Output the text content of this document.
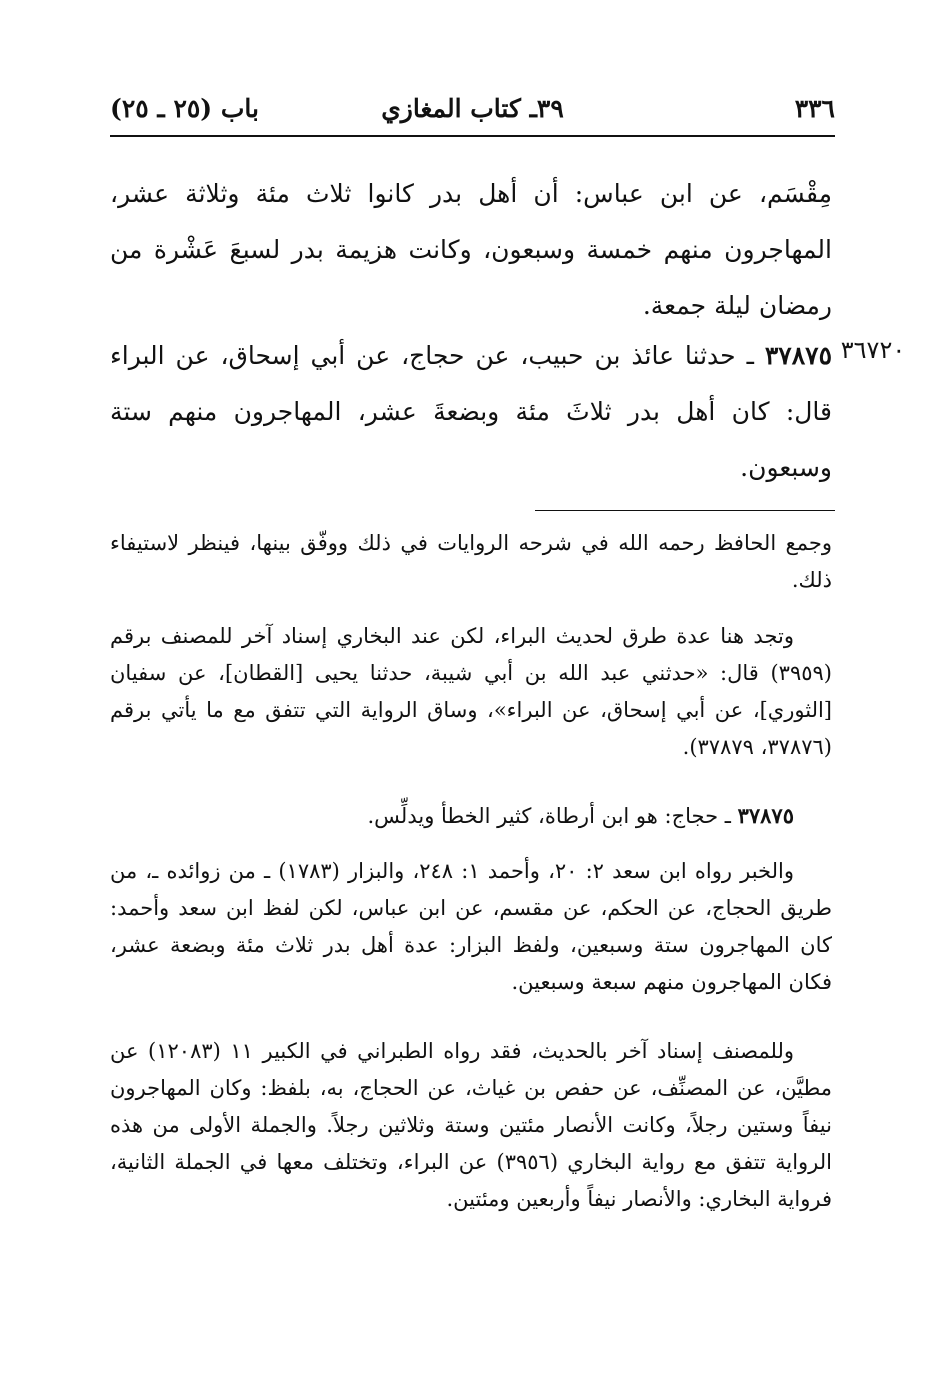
٣٣٦
٣٩ـ كتاب المغازي
باب (٢٥ ـ ٢٥)

مِقْسَم، عن ابن عباس: أن أهل بدر كانوا ثلاث مئة وثلاثة عشر، المهاجرون منهم خمسة وسبعون، وكانت هزيمة بدر لسبعَ عَشْرة من رمضان ليلة جمعة.

٣٧٨٧٥ ـ حدثنا عائذ بن حبيب، عن حجاج، عن أبي إسحاق، عن البراء قال: كان أهل بدر ثلاثَ مئة وبضعةَ عشر، المهاجرون منهم ستة وسبعون.

٣٦٧٢٠

وجمع الحافظ رحمه الله في شرحه الروايات في ذلك ووفّق بينها، فينظر لاستيفاء ذلك.

وتجد هنا عدة طرق لحديث البراء، لكن عند البخاري إسناد آخر للمصنف برقم (٣٩٥٩) قال: «حدثني عبد الله بن أبي شيبة، حدثنا يحيى [القطان]، عن سفيان [الثوري]، عن أبي إسحاق، عن البراء»، وساق الرواية التي تتفق مع ما يأتي برقم (٣٧٨٧٦، ٣٧٨٧٩).

٣٧٨٧٥ ـ حجاج: هو ابن أرطاة، كثير الخطأ ويدلِّس.

والخبر رواه ابن سعد ٢: ٢٠، وأحمد ١: ٢٤٨، والبزار (١٧٨٣) ـ من زوائده ـ، من طريق الحجاج، عن الحكم، عن مقسم، عن ابن عباس، لكن لفظ ابن سعد وأحمد: كان المهاجرون ستة وسبعين، ولفظ البزار: عدة أهل بدر ثلاث مئة وبضعة عشر، فكان المهاجرون منهم سبعة وسبعين.

وللمصنف إسناد آخر بالحديث، فقد رواه الطبراني في الكبير ١١ (١٢٠٨٣) عن مطيَّن، عن المصنِّف، عن حفص بن غياث، عن الحجاج، به، بلفظ: وكان المهاجرون نيفاً وستين رجلاً، وكانت الأنصار مئتين وستة وثلاثين رجلاً. والجملة الأولى من هذه الرواية تتفق مع رواية البخاري (٣٩٥٦) عن البراء، وتختلف معها في الجملة الثانية، فرواية البخاري: والأنصار نيفاً وأربعين ومئتين.
